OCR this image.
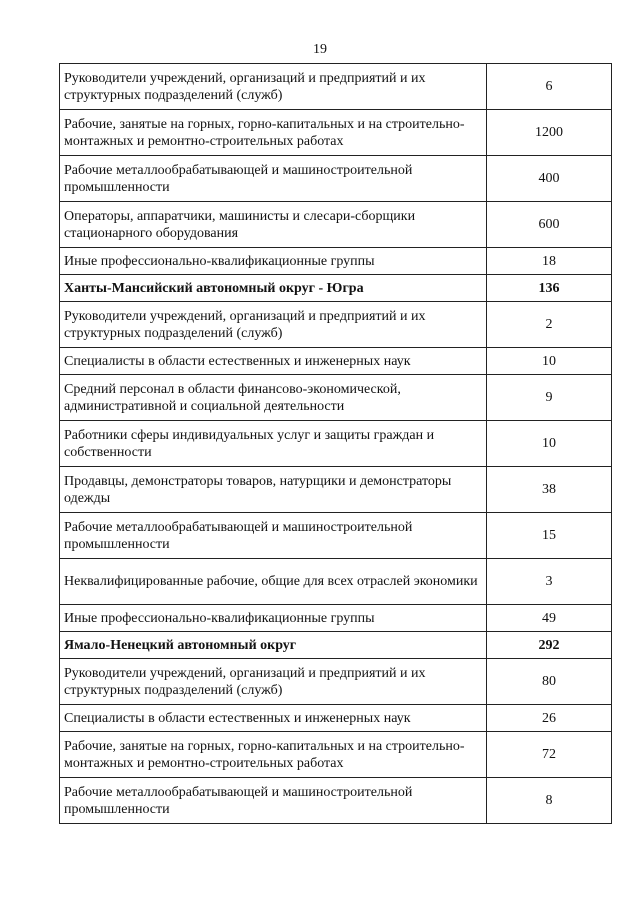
19
Руководители учреждений, организаций и предприятий и их структурных подразделений (служб)	6
Рабочие, занятые на горных, горно-капитальных и на строительно-монтажных и ремонтно-строительных работах	1200
Рабочие металлообрабатывающей и машиностроительной промышленности	400
Операторы, аппаратчики, машинисты и слесари-сборщики стационарного оборудования	600
Иные профессионально-квалификационные группы	18
Ханты-Мансийский автономный округ - Югра	136
Руководители учреждений, организаций и предприятий и их структурных подразделений (служб)	2
Специалисты в области естественных и инженерных наук	10
Средний персонал в области финансово-экономической, административной и социальной деятельности	9
Работники сферы индивидуальных услуг и защиты граждан и собственности	10
Продавцы, демонстраторы товаров, натурщики и демонстраторы одежды	38
Рабочие металлообрабатывающей и машиностроительной промышленности	15
Неквалифицированные рабочие, общие для всех отраслей экономики	3
Иные профессионально-квалификационные группы	49
Ямало-Ненецкий автономный округ	292
Руководители учреждений, организаций и предприятий и их структурных подразделений (служб)	80
Специалисты в области естественных и инженерных наук	26
Рабочие, занятые на горных, горно-капитальных и на строительно-монтажных и ремонтно-строительных работах	72
Рабочие металлообрабатывающей и машиностроительной промышленности	8
